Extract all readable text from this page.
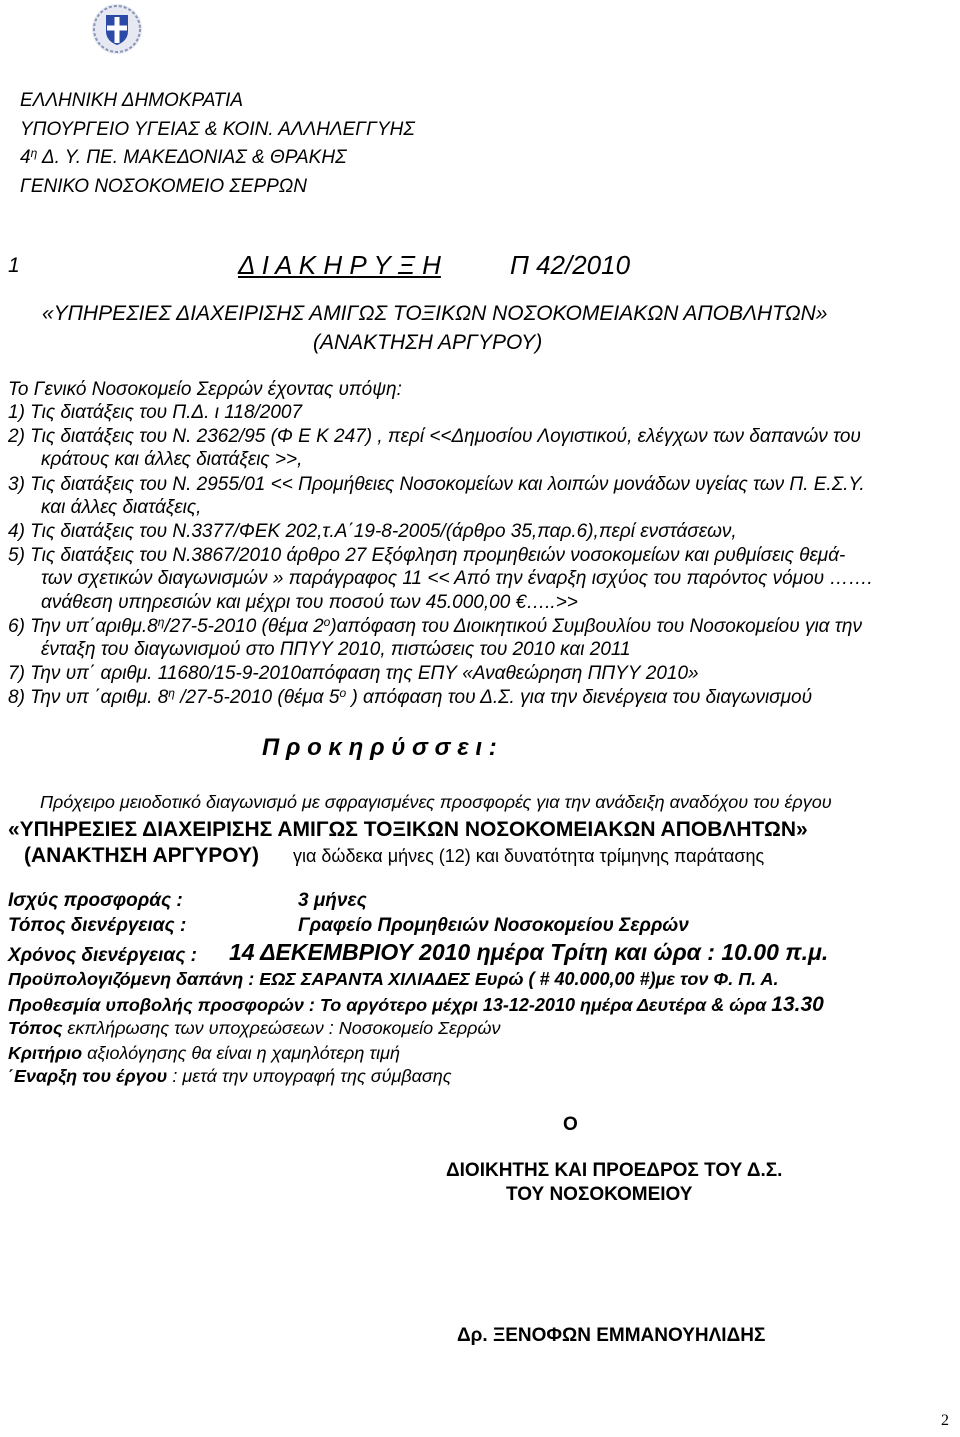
ΕΛΛΗΝΙΚΗ ΔΗΜΟΚΡΑΤΙΑ
ΥΠΟΥΡΓΕΙΟ ΥΓΕΙΑΣ & ΚΟΙΝ. ΑΛΛΗΛΕΓΓΥΗΣ
$4^\eta$ Δ. Υ. ΠΕ. ΜΑΚΕΔΟΝΙΑΣ & ΘΡΑΚΗΣ
ΓΕΝΙΚΟ ΝΟΣΟΚΟΜΕΙΟ ΣΕΡΡΩΝ
1	Δ Ι Α Κ Η Ρ Υ Ξ Η	Π 42/2010
«ΥΠΗΡΕΣΙΕΣ ΔΙΑΧΕΙΡΙΣΗΣ ΑΜΙΓΩΣ ΤΟΞΙΚΩΝ ΝΟΣΟΚΟΜΕΙΑΚΩΝ ΑΠΟΒΛΗΤΩΝ»
(ΑΝΑΚΤΗΣΗ ΑΡΓΥΡΟΥ)
Το Γενικό Νοσοκομείο Σερρών έχοντας υπόψη:
1) Τις διατάξεις του Π.Δ. ι 118/2007
2) Τις διατάξεις του Ν. 2362/95 (Φ Ε Κ 247) , περί <<Δημοσίου Λογιστικού, ελέγχων των δαπανών του
κράτους και άλλες διατάξεις >>,
3) Τις διατάξεις του Ν. 2955/01 << Προμήθειες Νοσοκομείων και λοιπών μονάδων υγείας των Π. Ε.Σ.Υ.
και άλλες διατάξεις,
4) Τις διατάξεις του Ν.3377/ΦΕΚ 202,τ.Α΄19-8-2005/(άρθρο 35,παρ.6),περί ενστάσεων,
5) Τις διατάξεις του Ν.3867/2010 άρθρο 27 Εξόφληση προμηθειών νοσοκομείων και ρυθμίσεις θεμά-
των σχετικών διαγωνισμών » παράγραφος 11 << Από την έναρξη ισχύος του παρόντος νόμου …….
ανάθεση υπηρεσιών και μέχρι του ποσού των 45.000,00 €…..>>
6) Την $\upsilon\pi΄\alpha\rho\iota\theta\mu.8^\eta/27-5-2010$ (θέμα $2^o)\alpha\pi ό\varphi\alpha\sigma\eta$ του Διοικητικού Συμβουλίου του Νοσοκομείου για την
ένταξη του διαγωνισμού στο ΠΠΥΥ 2010, πιστώσεις του 2010 και 2011
7) Την υπ΄ αριθμ. 11680/15-9-2010απόφαση της ΕΠΥ «Αναθεώρηση ΠΠΥΥ 2010»
8) Την υπ ΄αριθμ. $8^\eta$ /27-5-2010 (θέμα $5^o$ ) απόφαση του Δ.Σ. για την διενέργεια του διαγωνισμού
Π ρ ο κ η ρ ύ σ σ ε ι :
Πρόχειρο μειοδοτικό διαγωνισμό με σφραγισμένες προσφορές για την ανάδειξη αναδόχου του έργου
«ΥΠΗΡΕΣΙΕΣ ΔΙΑΧΕΙΡΙΣΗΣ ΑΜΙΓΩΣ ΤΟΞΙΚΩΝ ΝΟΣΟΚΟΜΕΙΑΚΩΝ ΑΠΟΒΛΗΤΩΝ»
(ΑΝΑΚΤΗΣΗ ΑΡΓΥΡΟΥ) για δώδεκα μήνες (12) και δυνατότητα τρίμηνης παράτασης
Ισχύς προσφοράς :	3 μήνες
Τόπος διενέργειας :	Γραφείο Προμηθειών Νοσοκομείου Σερρών
Χρόνος διενέργειας : 14 ΔΕΚΕΜΒΡΙΟΥ 2010 ημέρα Τρίτη και ώρα : 10.00 π.μ.
Προϋπολογιζόμενη δαπάνη : ΕΩΣ ΣΑΡΑΝΤΑ ΧΙΛΙΑΔΕΣ Ευρώ ( # 40.000,00 #)με τον Φ. Π. Α.
Προθεσμία υποβολής προσφορών : Το αργότερο μέχρι 13-12-2010 ημέρα Δευτέρα & ώρα 13.30
Τόπος εκπλήρωσης των υποχρεώσεων : Νοσοκομείο Σερρών
Κριτήριο αξιολόγησης θα είναι η χαμηλότερη τιμή
΄Εναρξη του έργου : μετά την υπογραφή της σύμβασης
Ο
ΔΙΟΙΚΗΤΗΣ ΚΑΙ ΠΡΟΕΔΡΟΣ ΤΟΥ Δ.Σ.
ΤΟΥ ΝΟΣΟΚΟΜΕΙΟΥ
Δρ. ΞΕΝΟΦΩΝ ΕΜΜΑΝΟΥΗΛΙΔΗΣ
2
